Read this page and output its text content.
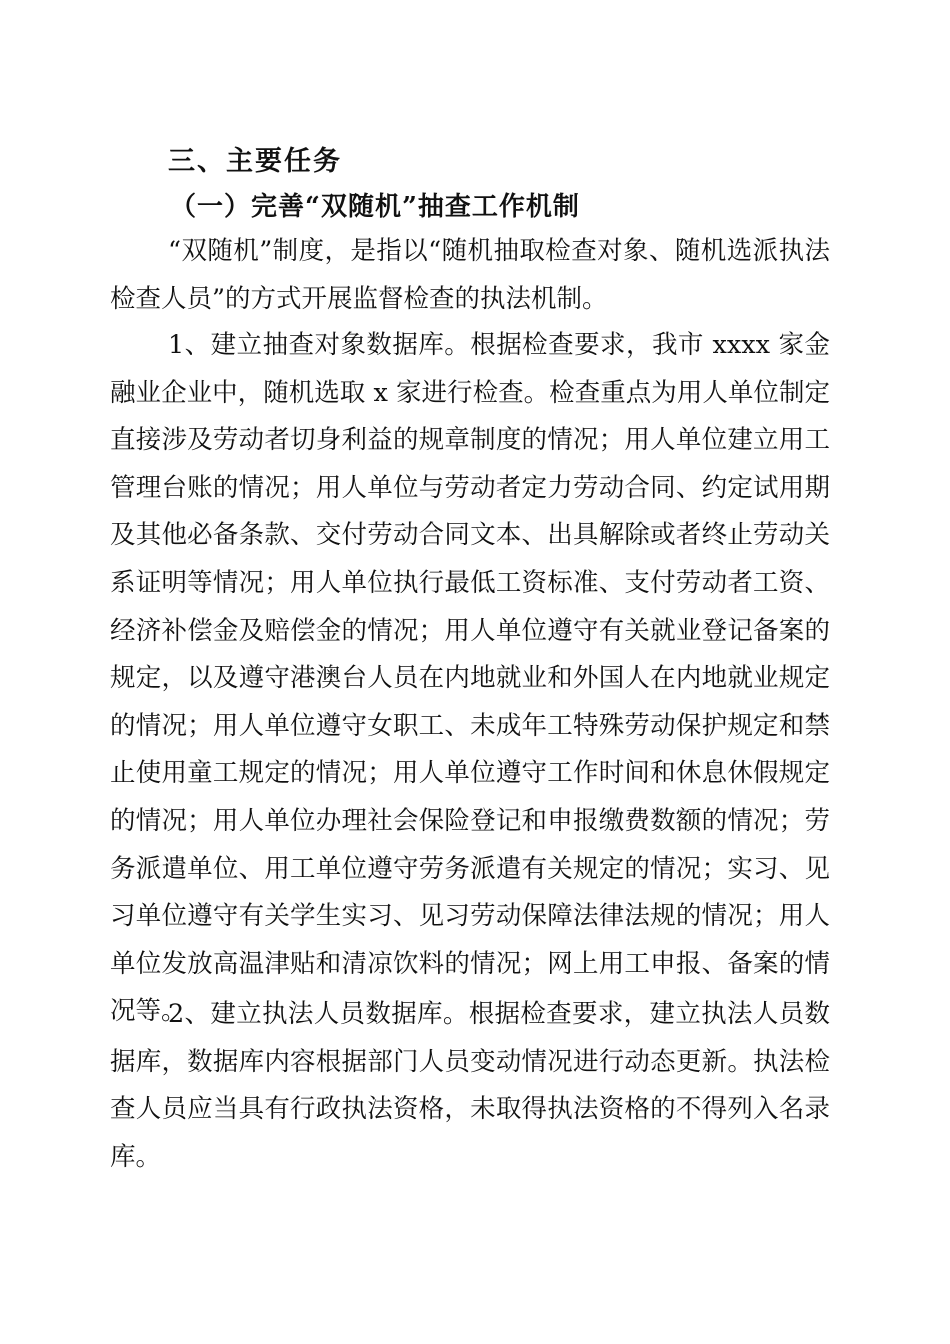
三、主要任务
（一）完善“双随机”抽查工作机制

“双随机”制度，是指以“随机抽取检查对象、随机选派执法检查人员”的方式开展监督检查的执法机制。

1、建立抽查对象数据库。根据检查要求，我市 xxxx 家金融业企业中，随机选取 x 家进行检查。检查重点为用人单位制定直接涉及劳动者切身利益的规章制度的情况；用人单位建立用工管理台账的情况；用人单位与劳动者定力劳动合同、约定试用期及其他必备条款、交付劳动合同文本、出具解除或者终止劳动关系证明等情况；用人单位执行最低工资标准、支付劳动者工资、经济补偿金及赔偿金的情况；用人单位遵守有关就业登记备案的规定，以及遵守港澳台人员在内地就业和外国人在内地就业规定的情况；用人单位遵守女职工、未成年工特殊劳动保护规定和禁止使用童工规定的情况；用人单位遵守工作时间和休息休假规定的情况；用人单位办理社会保险登记和申报缴费数额的情况；劳务派遣单位、用工单位遵守劳务派遣有关规定的情况；实习、见习单位遵守有关学生实习、见习劳动保障法律法规的情况；用人单位发放高温津贴和清凉饮料的情况；网上用工申报、备案的情况等。

2、建立执法人员数据库。根据检查要求，建立执法人员数据库，数据库内容根据部门人员变动情况进行动态更新。执法检查人员应当具有行政执法资格，未取得执法资格的不得列入名录库。
